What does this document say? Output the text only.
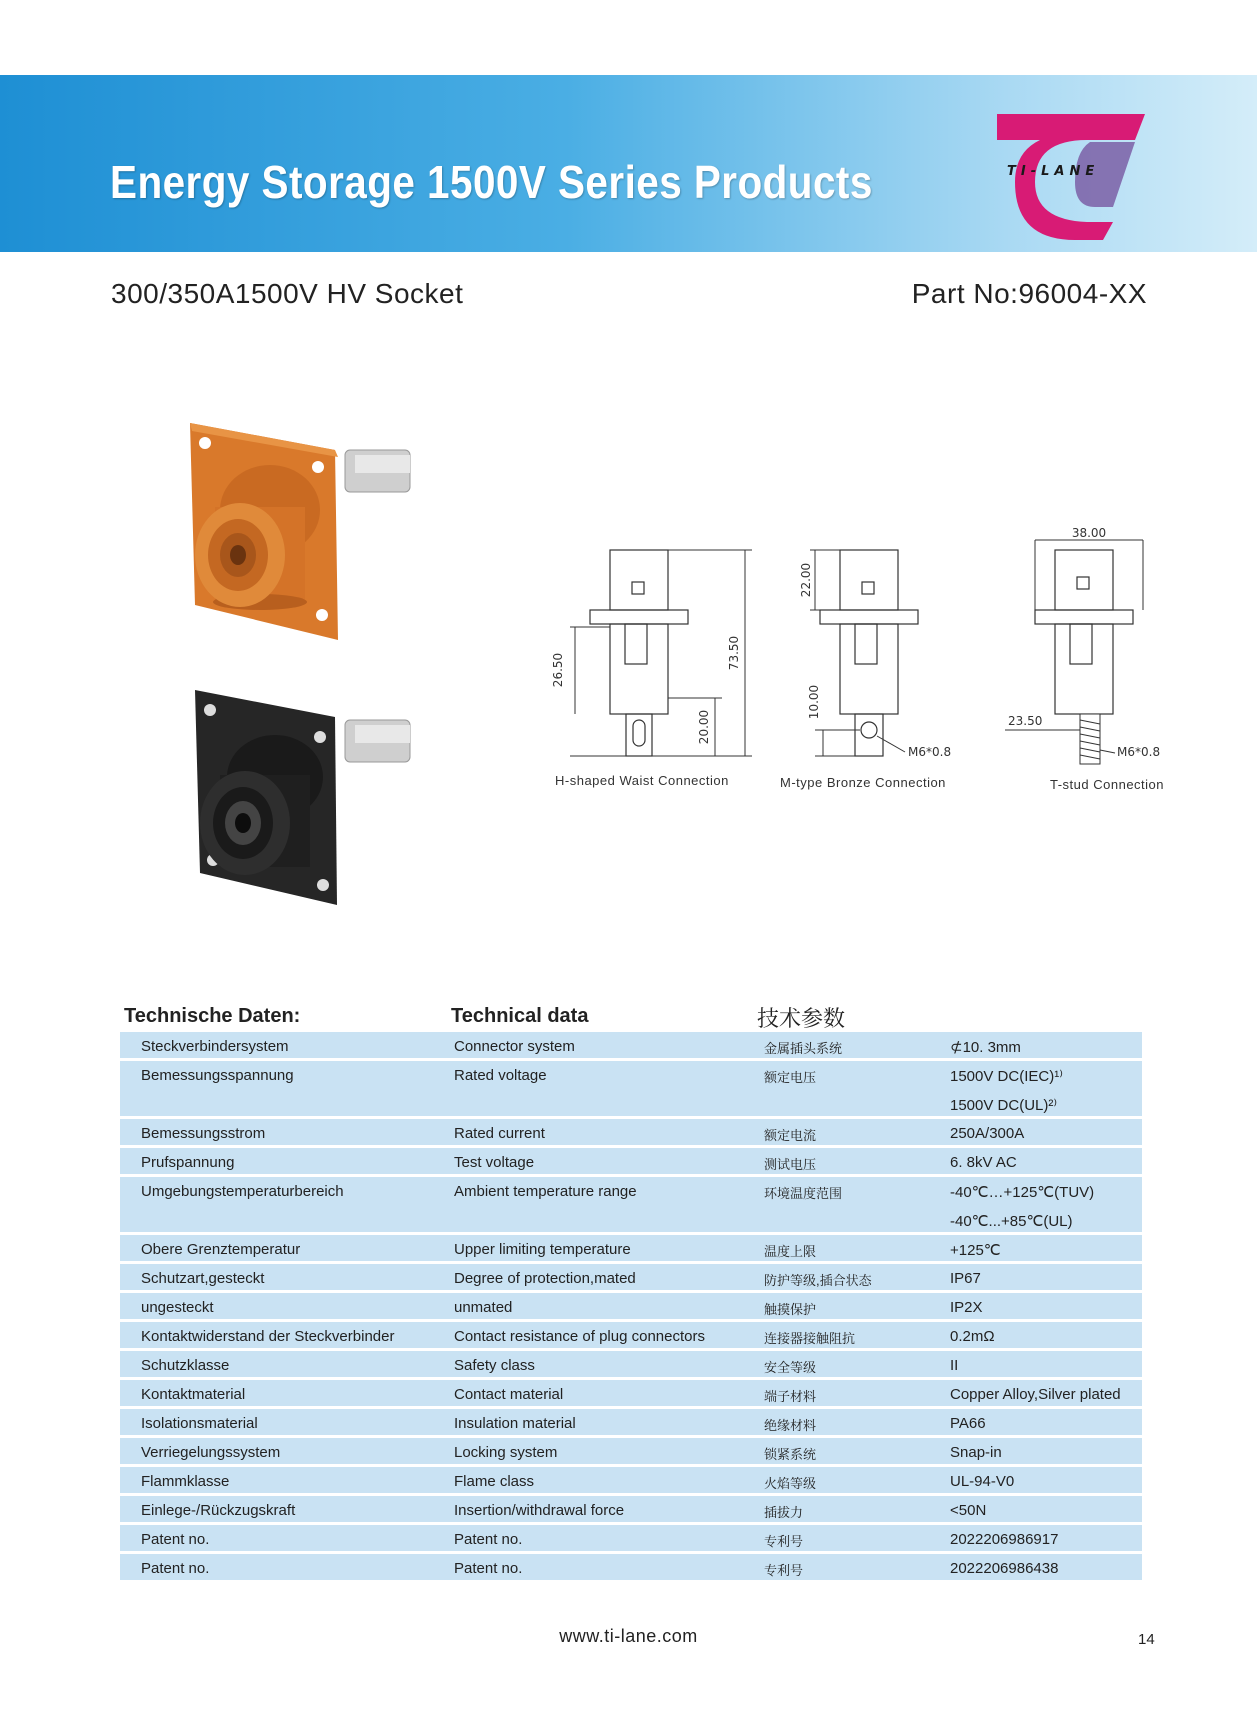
Energy Storage 1500V Series Products	TI-LANE
300/350A1500V HV Socket	Part No:96004-XX
26.50	73.50
20.00
H-shaped Waist Connection
22.00
10.00
M6*0.8
M-type Bronze Connection
38.00
23.50
M6*0.8
T-stud Connection
Technische Daten:	Technical data	技术参数
Steckverbindersystem	Connector system	金属插头系统	⊄10. 3mm
Bemessungsspannung	Rated voltage	额定电压	1500V DC(IEC)¹⁾
1500V DC(UL)²⁾
Bemessungsstrom	Rated current	额定电流	250A/300A
Prufspannung	Test voltage	测试电压	6. 8kV AC
Umgebungstemperaturbereich	Ambient temperature range	环境温度范围	-40℃…+125℃(TUV)
-40℃...+85℃(UL)
Obere Grenztemperatur	Upper limiting temperature	温度上限	+125℃
Schutzart,gesteckt	Degree of protection,mated	防护等级,插合状态	IP67
ungesteckt	unmated	触摸保护	IP2X
Kontaktwiderstand der Steckverbinder	Contact resistance of plug connectors	连接器接触阻抗	0.2mΩ
Schutzklasse	Safety class	安全等级	II
Kontaktmaterial	Contact material	端子材料	Copper Alloy,Silver plated
Isolationsmaterial	Insulation material	绝缘材料	PA66
Verriegelungssystem	Locking system	锁紧系统	Snap-in
Flammklasse	Flame class	火焰等级	UL-94-V0
Einlege-/Rückzugskraft	Insertion/withdrawal force	插拔力	<50N
Patent no.	Patent no.	专利号	2022206986917
Patent no.	Patent no.	专利号	2022206986438
www.ti-lane.com	14
